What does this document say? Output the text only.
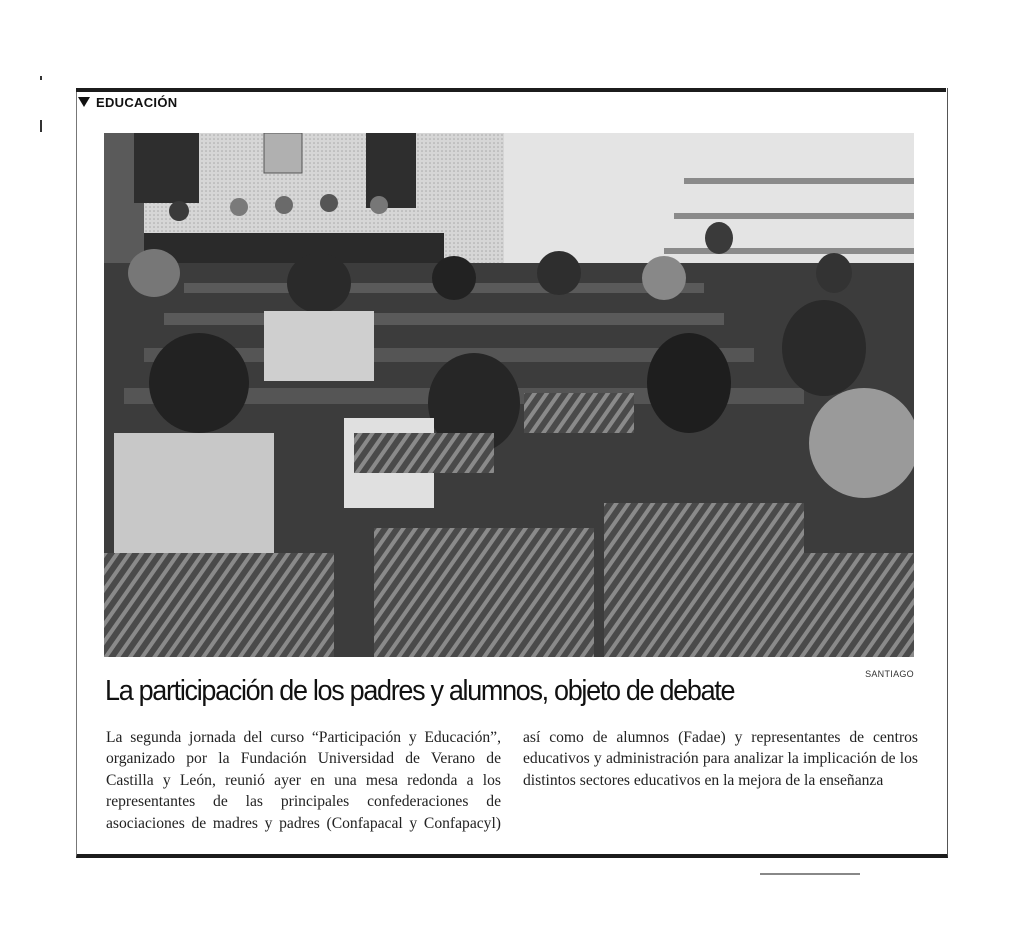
EDUCACIÓN
SANTIAGO
La participación de los padres y alumnos, objeto de debate
La segunda jornada del curso “Participación y Educación”, organizado por la Fundación Universidad de Verano de Castilla y León, reunió ayer en una mesa redonda a los representantes de las principales confederaciones de asociaciones de madres y padres (Confapacal y Confapacyl) así como de alumnos (Fadae) y representantes de centros educativos y administración para analizar la implicación de los distintos sectores educativos en la mejora de la enseñanza
